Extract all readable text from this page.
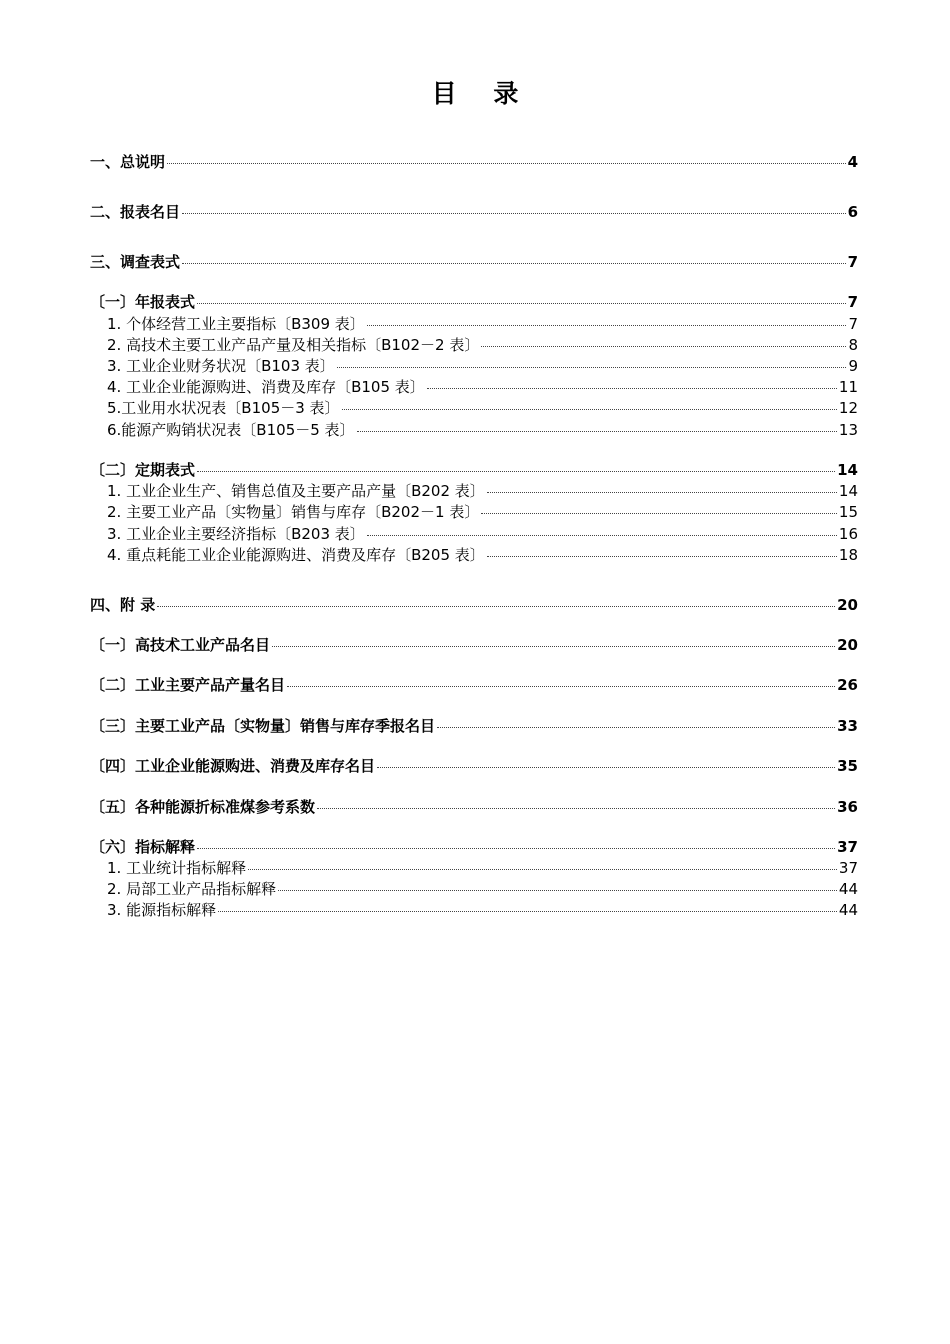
目 录
一、总说明	4
二、报表名目	6
三、调查表式	7
〔一〕年报表式	7
1. 个体经营工业主要指标〔B309 表〕	7
2. 高技术主要工业产品产量及相关指标〔B102－2 表〕	8
3. 工业企业财务状况〔B103 表〕	9
4. 工业企业能源购进、消费及库存〔B105 表〕	11
5.工业用水状况表〔B105－3 表〕	12
6.能源产购销状况表〔B105－5 表〕	13
〔二〕定期表式	14
1. 工业企业生产、销售总值及主要产品产量〔B202 表〕	14
2. 主要工业产品〔实物量〕销售与库存〔B202－1 表〕	15
3. 工业企业主要经济指标〔B203 表〕	16
4. 重点耗能工业企业能源购进、消费及库存〔B205 表〕	18
四、附 录	20
〔一〕高技术工业产品名目	20
〔二〕工业主要产品产量名目	26
〔三〕主要工业产品〔实物量〕销售与库存季报名目	33
〔四〕工业企业能源购进、消费及库存名目	35
〔五〕各种能源折标准煤参考系数	36
〔六〕指标解释	37
1. 工业统计指标解释	37
2. 局部工业产品指标解释	44
3. 能源指标解释	44
